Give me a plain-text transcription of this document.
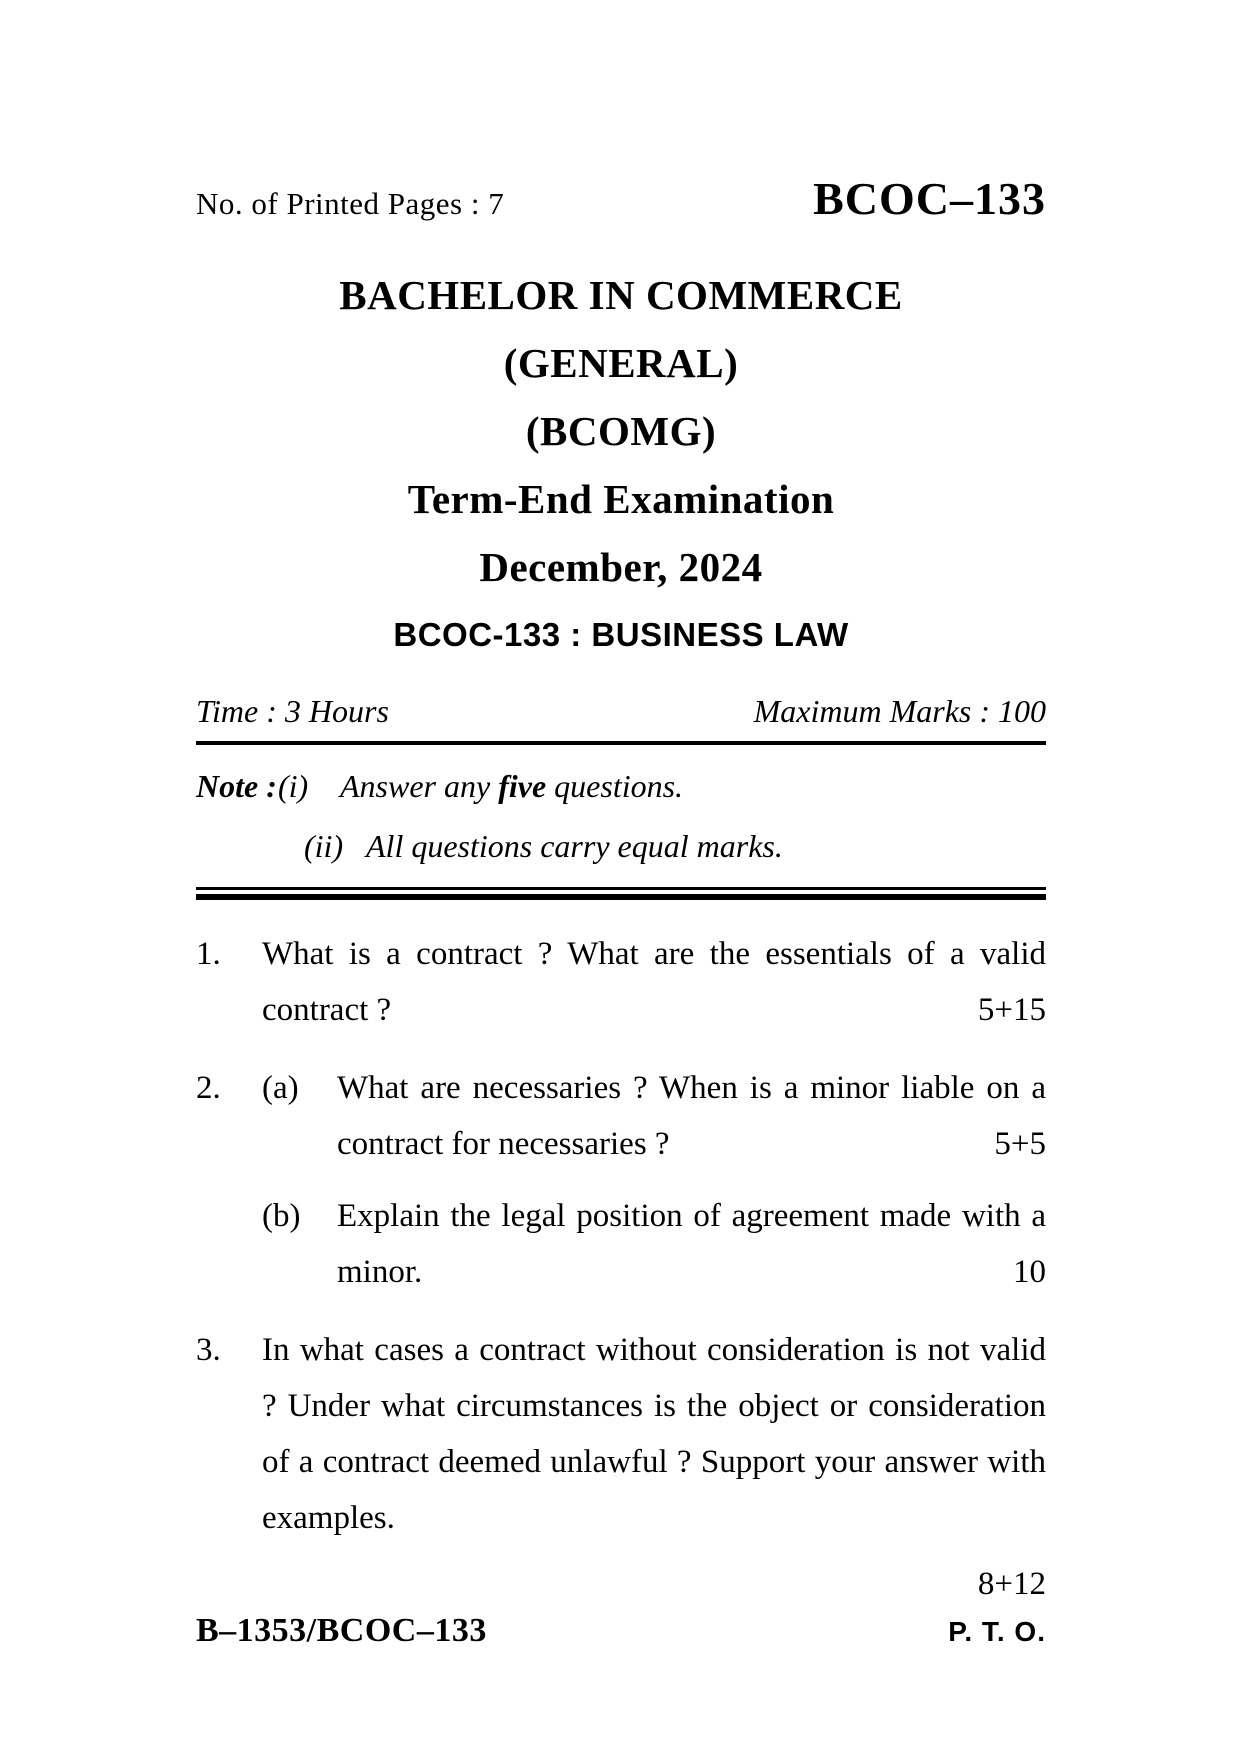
No. of Printed Pages : 7	BCOC–133
BACHELOR IN COMMERCE
(GENERAL)
(BCOMG)
Term-End Examination
December, 2024
BCOC-133 : BUSINESS LAW
Time : 3 Hours	Maximum Marks : 100
Note : (i) Answer any five questions.
(ii) All questions carry equal marks.
1.	What is a contract ? What are the essentials of a valid contract ?	5+15

2.	(a)	What are necessaries ? When is a minor liable on a contract for necessaries ?	5+5

(b)	Explain the legal position of agreement made with a minor.	10

3.	In what cases a contract without consideration is not valid ? Under what circumstances is the object or consideration of a contract deemed unlawful ? Support your answer with examples.

8+12
B–1353/BCOC–133	P. T. O.
